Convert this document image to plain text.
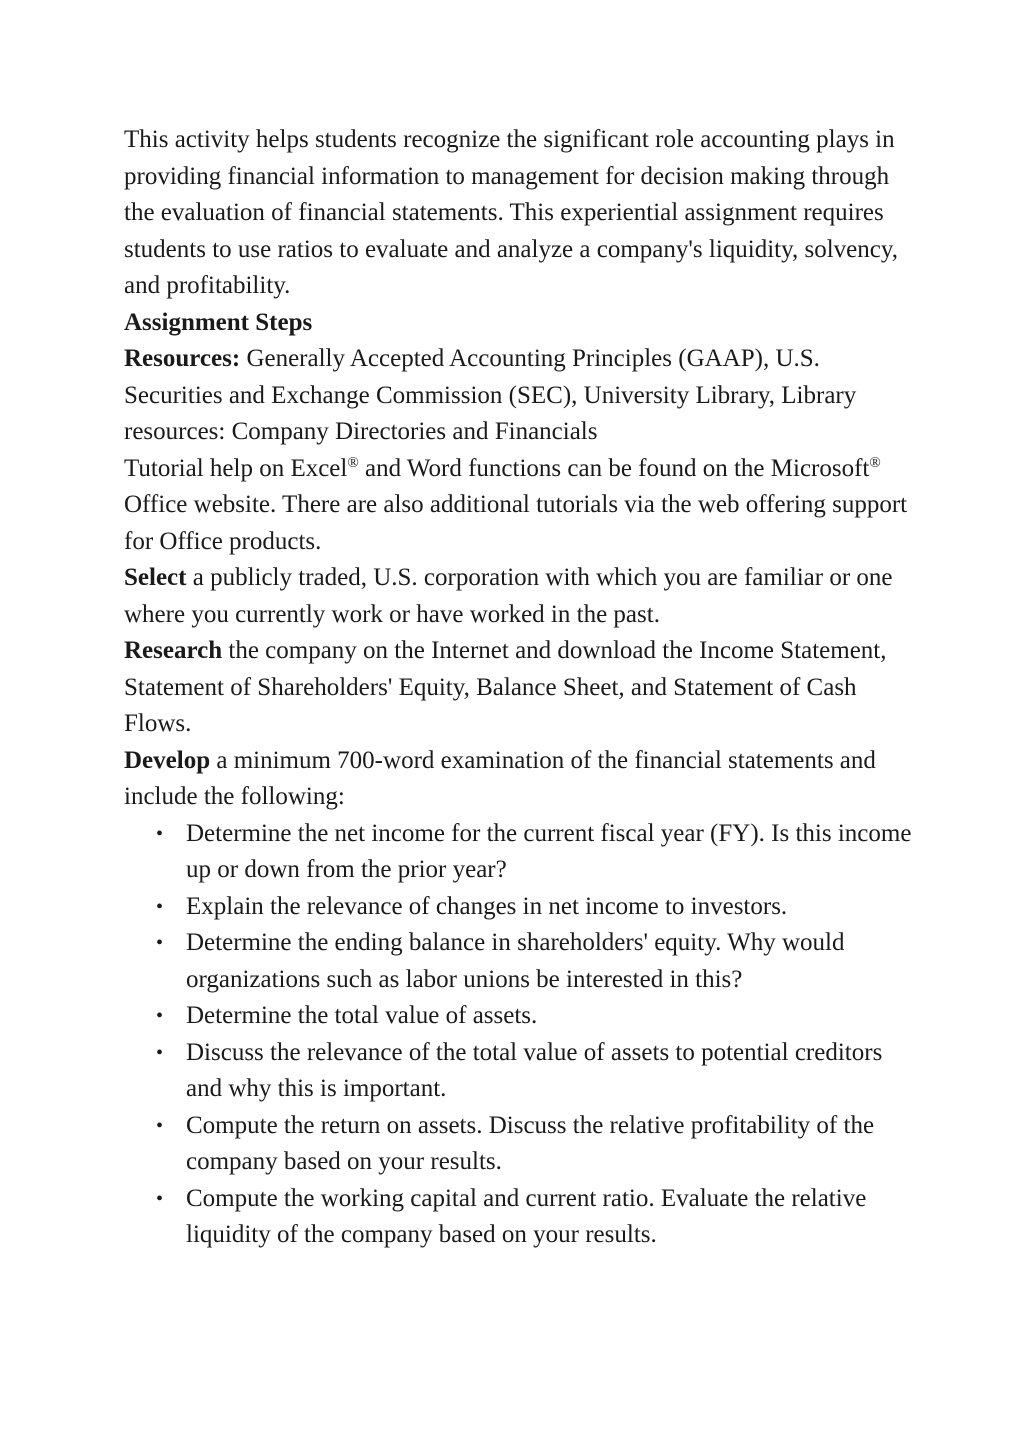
This activity helps students recognize the significant role accounting plays in providing financial information to management for decision making through the evaluation of financial statements. This experiential assignment requires students to use ratios to evaluate and analyze a company's liquidity, solvency, and profitability.

Assignment Steps

Resources: Generally Accepted Accounting Principles (GAAP), U.S. Securities and Exchange Commission (SEC), University Library, Library resources: Company Directories and Financials

Tutorial help on Excel® and Word functions can be found on the Microsoft® Office website. There are also additional tutorials via the web offering support for Office products.

Select a publicly traded, U.S. corporation with which you are familiar or one where you currently work or have worked in the past.

Research the company on the Internet and download the Income Statement, Statement of Shareholders' Equity, Balance Sheet, and Statement of Cash Flows.

Develop a minimum 700-word examination of the financial statements and include the following:

• Determine the net income for the current fiscal year (FY). Is this income up or down from the prior year?
• Explain the relevance of changes in net income to investors.
• Determine the ending balance in shareholders' equity. Why would organizations such as labor unions be interested in this?
• Determine the total value of assets.
• Discuss the relevance of the total value of assets to potential creditors and why this is important.
• Compute the return on assets. Discuss the relative profitability of the company based on your results.
• Compute the working capital and current ratio. Evaluate the relative liquidity of the company based on your results.
